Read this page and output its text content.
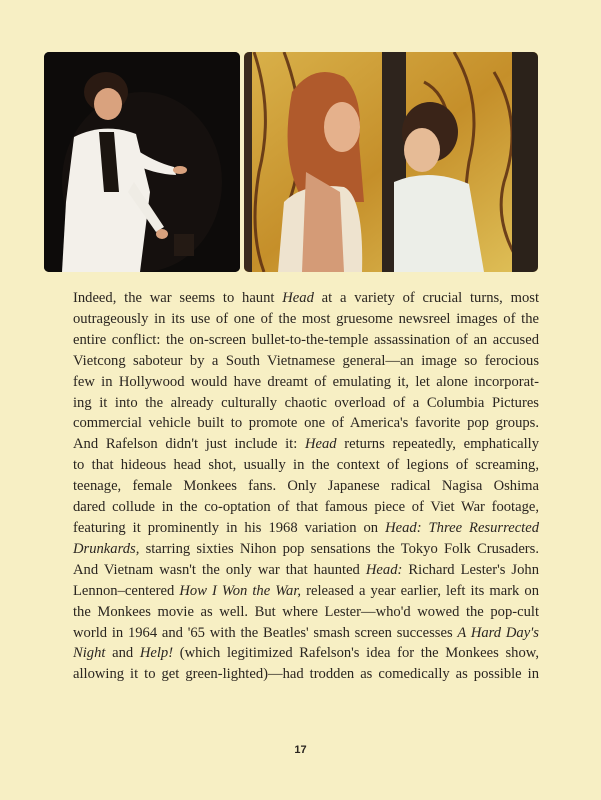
Indeed, the war seems to haunt Head at a variety of crucial turns, most
outrageously in its use of one of the most gruesome newsreel images of the
entire conflict: the on-screen bullet-to-the-temple assassination of an accused
Vietcong saboteur by a South Vietnamese general—an image so ferocious
few in Hollywood would have dreamt of emulating it, let alone incorporat-
ing it into the already culturally chaotic overload of a Columbia Pictures
commercial vehicle built to promote one of America's favorite pop groups.
And Rafelson didn't just include it: Head returns repeatedly, emphatically
to that hideous head shot, usually in the context of legions of screaming,
teenage, female Monkees fans. Only Japanese radical Nagisa Oshima
dared collude in the co-optation of that famous piece of Viet War footage,
featuring it prominently in his 1968 variation on Head: Three Resurrected
Drunkards, starring sixties Nihon pop sensations the Tokyo Folk Crusaders.
And Vietnam wasn't the only war that haunted Head: Richard Lester's John
Lennon–centered How I Won the War, released a year earlier, left its mark on
the Monkees movie as well. But where Lester—who'd wowed the pop-cult
world in 1964 and '65 with the Beatles' smash screen successes A Hard Day's
Night and Help! (which legitimized Rafelson's idea for the Monkees show,
allowing it to get green-lighted)—had trodden as comedically as possible in
17
